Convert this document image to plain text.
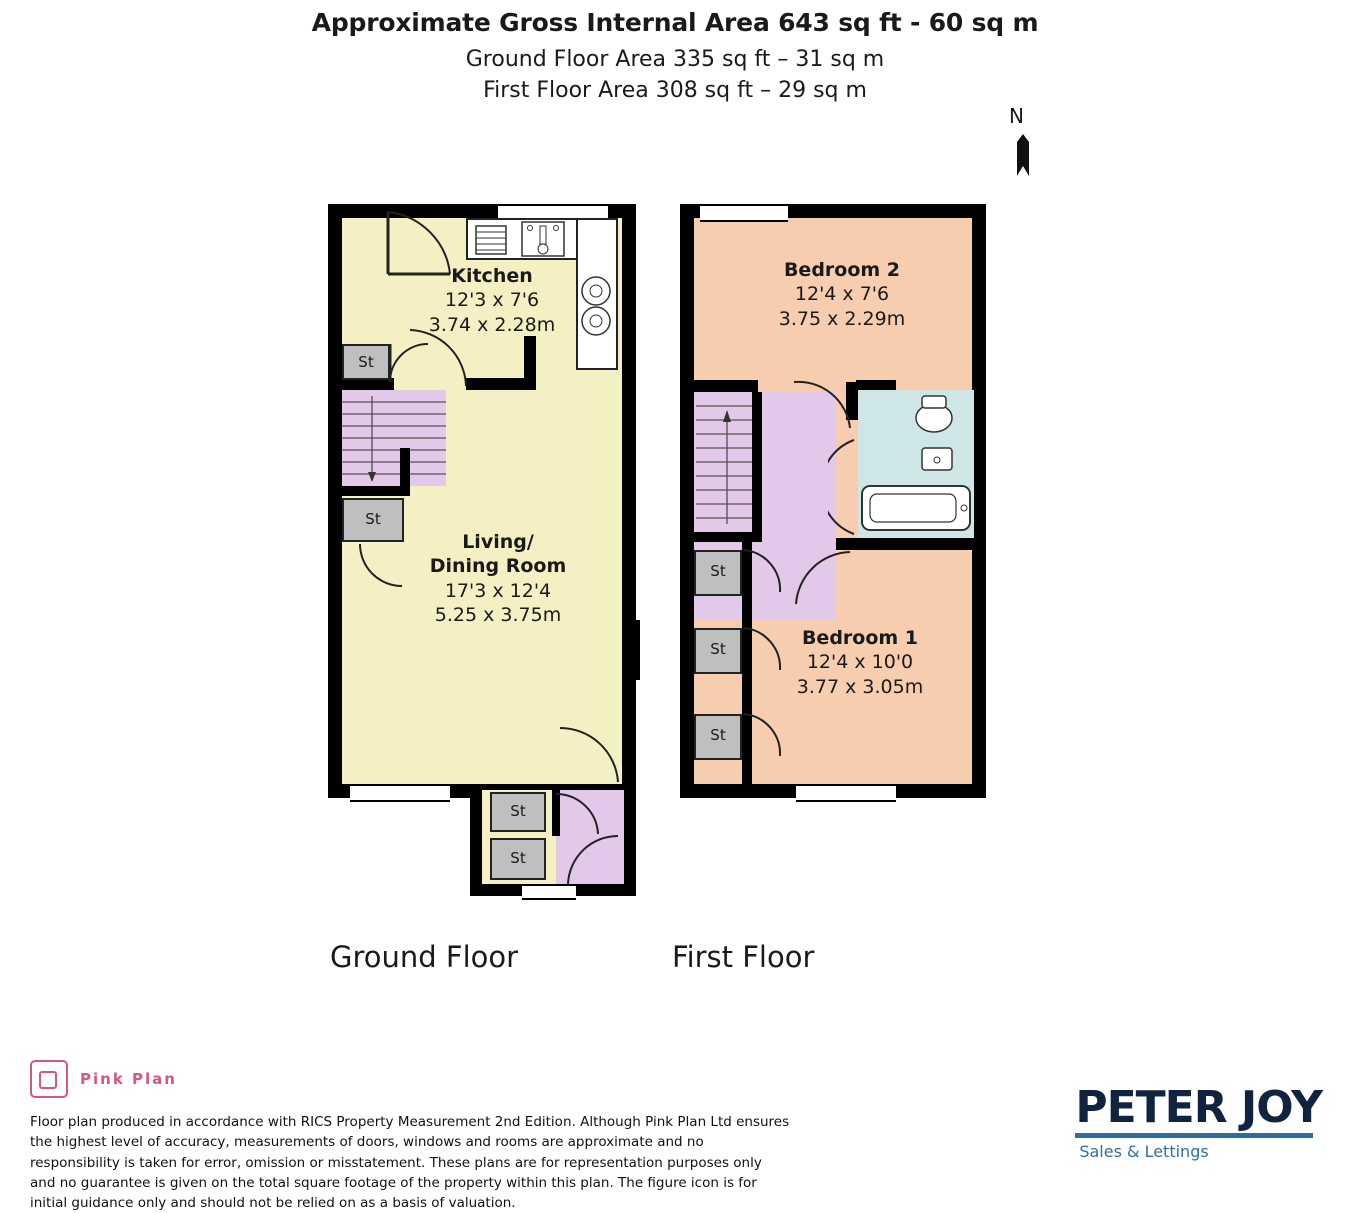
Approximate Gross Internal Area 643 sq ft - 60 sq m
Ground Floor Area 335 sq ft – 31 sq m
First Floor Area 308 sq ft – 29 sq m
N
St
St
St
St
Kitchen
12'3 x 7'6
3.74 x 2.28m
Living/
Dining Room
17'3 x 12'4
5.25 x 3.75m
St
St
St
Bedroom 2
12'4 x 7'6
3.75 x 2.29m
Bedroom 1
12'4 x 10'0
3.77 x 3.05m
Ground Floor	First Floor
Pink Plan
Floor plan produced in accordance with RICS Property Measurement 2nd Edition. Although Pink Plan Ltd ensures the highest level of accuracy, measurements of doors, windows and rooms are approximate and no responsibility is taken for error, omission or misstatement. These plans are for representation purposes only and no guarantee is given on the total square footage of the property within this plan. The figure icon is for initial guidance only and should not be relied on as a basis of valuation.
PETER JOY
Sales & Lettings
